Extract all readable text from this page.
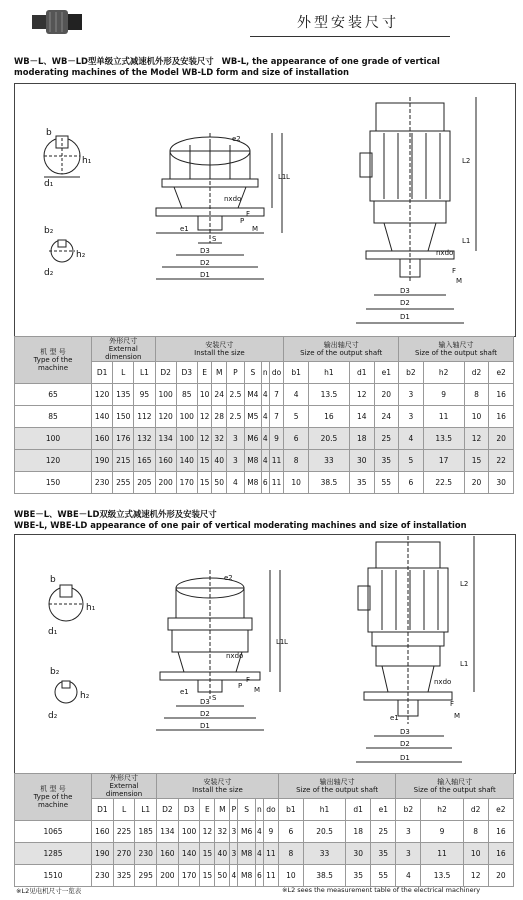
外型安装尺寸
WB－L、WB－LD型单级立式减速机外形及安装尺寸 WB-L, the appearance of one grade of vertical
moderating machines of the Model WB-LD form and size of installation
b
h₁
d₁
b₂
h₂
d₂
e2
L1 L
nxdo
F
M
P
e1
S
D3
D2
D1
L2
L1
nxdo
F
M
D3
D2
D1
机 型 号
Type of the
machine	外形尺寸
External
dimension			安装尺寸
Install the size								输出轴尺寸
Size of the output shaft				输入轴尺寸
Size of the output shaft			
	D1	L	L1	D2	D3	E	M	P	S	n	do	b1	h1	d1	e1	b2	h2	d2	e2
65	120	135	95	100	85	10	24	2.5	M4	4	7	4	13.5	12	20	3	9	8	16
85	140	150	112	120	100	12	28	2.5	M5	4	7	5	16	14	24	3	11	10	16
100	160	176	132	134	100	12	32	3	M6	4	9	6	20.5	18	25	4	13.5	12	20
120	190	215	165	160	140	15	40	3	M8	4	11	8	33	30	35	5	17	15	22
150	230	255	205	200	170	15	50	4	M8	6	11	10	38.5	35	55	6	22.5	20	30
WBE－L、WBE－LD双级立式减速机外形及安装尺寸
WBE-L, WBE-LD appearance of one pair of vertical moderating machines and size of installation
b
h₁
d₁
b₂
h₂
d₂
e2
L1 L
nxdo
F
M
P
e1
S
D3
D2
D1
L2
L1
nxdo
F
M
e1
D3
D2
D1
机 型 号
Type of the
machine	外形尺寸
External
dimension			安装尺寸
Install the size								输出轴尺寸
Size of the output shaft				输入轴尺寸
Size of the output shaft			
	D1	L	L1	D2	D3	E	M	P	S	n	do	b1	h1	d1	e1	b2	h2	d2	e2
1065	160	225	185	134	100	12	32	3	M6	4	9	6	20.5	18	25	3	9	8	16
1285	190	270	230	160	140	15	40	3	M8	4	11	8	33	30	35	3	11	10	16
1510	230	325	295	200	170	15	50	4	M8	6	11	10	38.5	35	55	4	13.5	12	20
※L2见电机尺寸一览表	※L2 sees the measurement table of the electrical machinery
